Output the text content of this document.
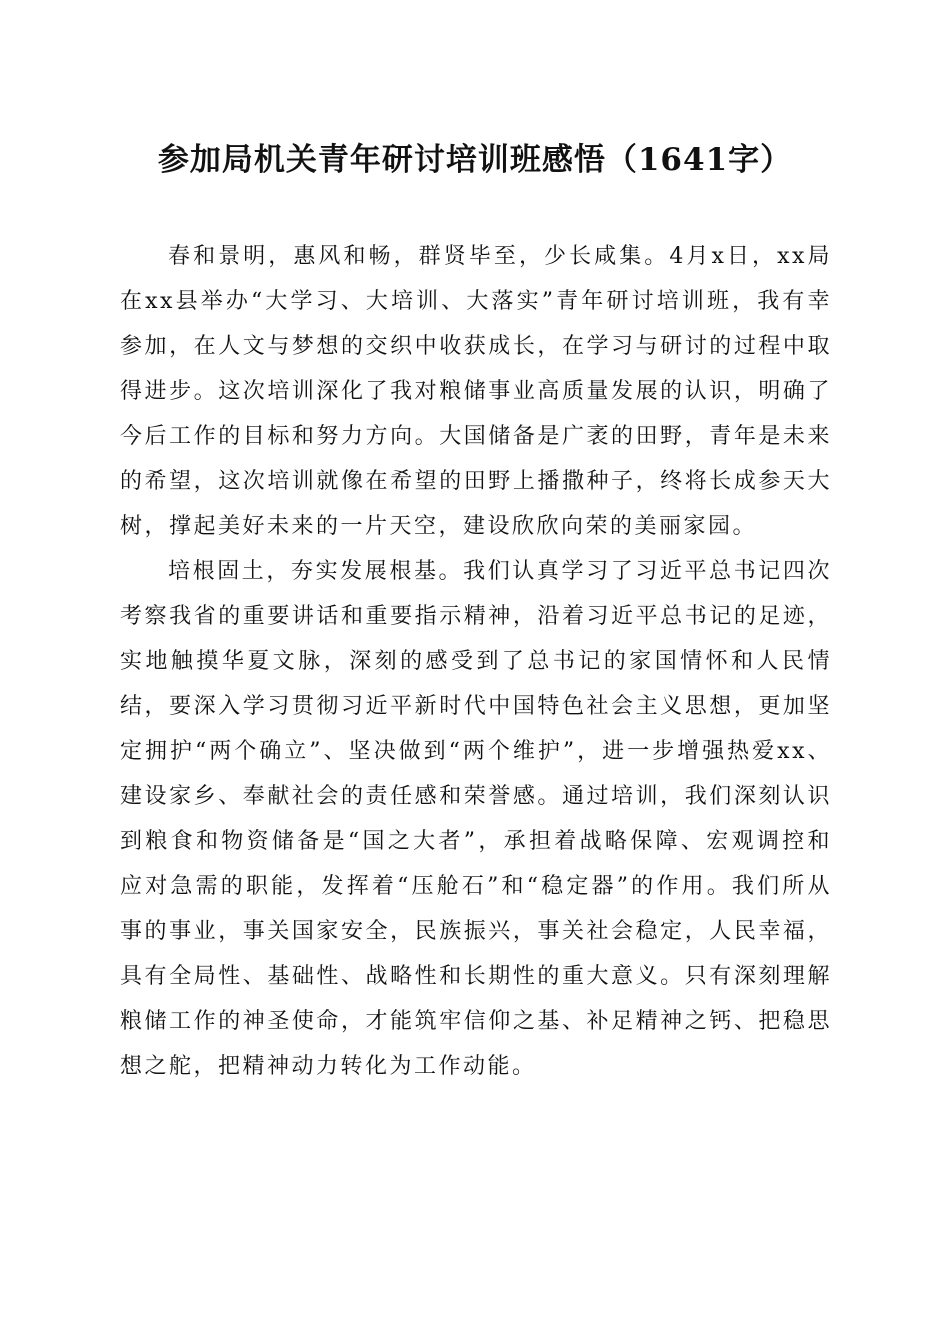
参加局机关青年研讨培训班感悟（1641字）

春和景明，惠风和畅，群贤毕至，少长咸集。4月x日，xx局在xx县举办“大学习、大培训、大落实”青年研讨培训班，我有幸参加，在人文与梦想的交织中收获成长，在学习与研讨的过程中取得进步。这次培训深化了我对粮储事业高质量发展的认识，明确了今后工作的目标和努力方向。大国储备是广袤的田野，青年是未来的希望，这次培训就像在希望的田野上播撒种子，终将长成参天大树，撑起美好未来的一片天空，建设欣欣向荣的美丽家园。

培根固土，夯实发展根基。我们认真学习了习近平总书记四次考察我省的重要讲话和重要指示精神，沿着习近平总书记的足迹，实地触摸华夏文脉，深刻的感受到了总书记的家国情怀和人民情结，要深入学习贯彻习近平新时代中国特色社会主义思想，更加坚定拥护“两个确立”、坚决做到“两个维护”，进一步增强热爱xx、建设家乡、奉献社会的责任感和荣誉感。通过培训，我们深刻认识到粮食和物资储备是“国之大者”，承担着战略保障、宏观调控和应对急需的职能，发挥着“压舱石”和“稳定器”的作用。我们所从事的事业，事关国家安全，民族振兴，事关社会稳定，人民幸福，具有全局性、基础性、战略性和长期性的重大意义。只有深刻理解粮储工作的神圣使命，才能筑牢信仰之基、补足精神之钙、把稳思想之舵，把精神动力转化为工作动能。
